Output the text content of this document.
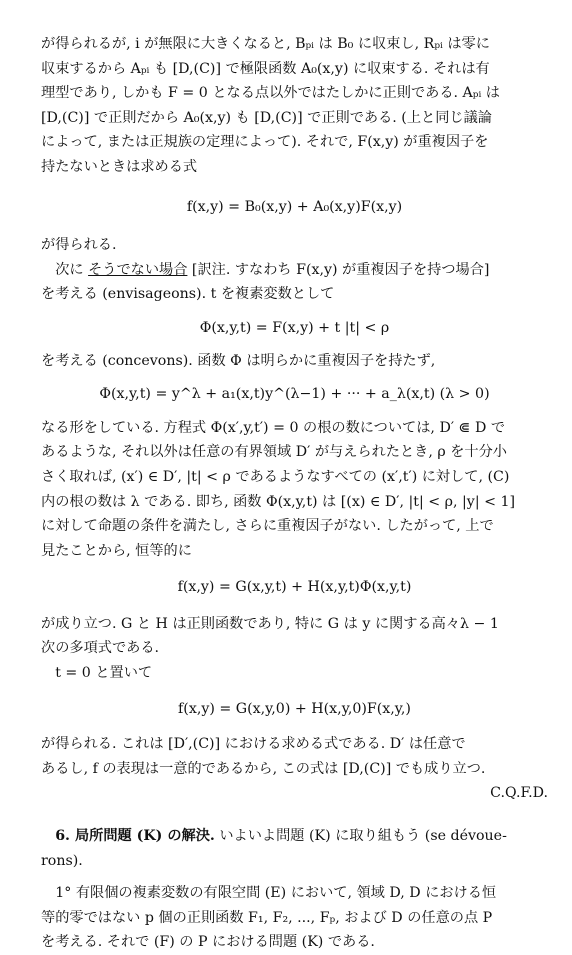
が得られるが, i が無限に大きくなると, Bₚᵢ は B₀ に収束し, Rₚᵢ は零に
収束するから Aₚᵢ も [D,(C)] で極限函数 A₀(x,y) に収束する. それは有
理型であり, しかも F = 0 となる点以外ではたしかに正則である. Aₚᵢ は
[D,(C)] で正則だから A₀(x,y) も [D,(C)] で正則である. (上と同じ議論
によって, または正規族の定理によって). それで, F(x,y) が重複因子を
持たないときは求める式

f(x,y) = B₀(x,y) + A₀(x,y)F(x,y)

が得られる.

次に そうでない場合 [訳注. すなわち F(x,y) が重複因子を持つ場合]
を考える (envisageons). t を複素変数として

Φ(x,y,t) = F(x,y) + t |t| < ρ

を考える (concevons). 函数 Φ は明らかに重複因子を持たず,

Φ(x,y,t) = y^λ + a₁(x,t)y^(λ−1) + ··· + a_λ(x,t) (λ > 0)

なる形をしている. 方程式 Φ(x′,y,t′) = 0 の根の数については, D′ ⋐ D で
あるような, それ以外は任意の有界領域 D′ が与えられたとき, ρ を十分小
さく取れば, (x′) ∈ D′, |t| < ρ であるようなすべての (x′,t′) に対して, (C)
内の根の数は λ である. 即ち, 函数 Φ(x,y,t) は [(x) ∈ D′, |t| < ρ, |y| < 1]
に対して命題の条件を満たし, さらに重複因子がない. したがって, 上で
見たことから, 恒等的に

f(x,y) = G(x,y,t) + H(x,y,t)Φ(x,y,t)

が成り立つ. G と H は正則函数であり, 特に G は y に関する高々λ − 1
次の多項式である.

t = 0 と置いて

f(x,y) = G(x,y,0) + H(x,y,0)F(x,y,)

が得られる. これは [D′,(C)] における求める式である. D′ は任意で
あるし, f の表現は一意的であるから, この式は [D,(C)] でも成り立つ.

C.Q.F.D.

6. 局所問題 (K) の解決. いよいよ問題 (K) に取り組もう (se dévoue-
rons).

1° 有限個の複素変数の有限空間 (E) において, 領域 D, D における恒
等的零ではない p 個の正則函数 F₁, F₂, ..., Fₚ, および D の任意の点 P
を考える. それで (F) の P における問題 (K) である.
